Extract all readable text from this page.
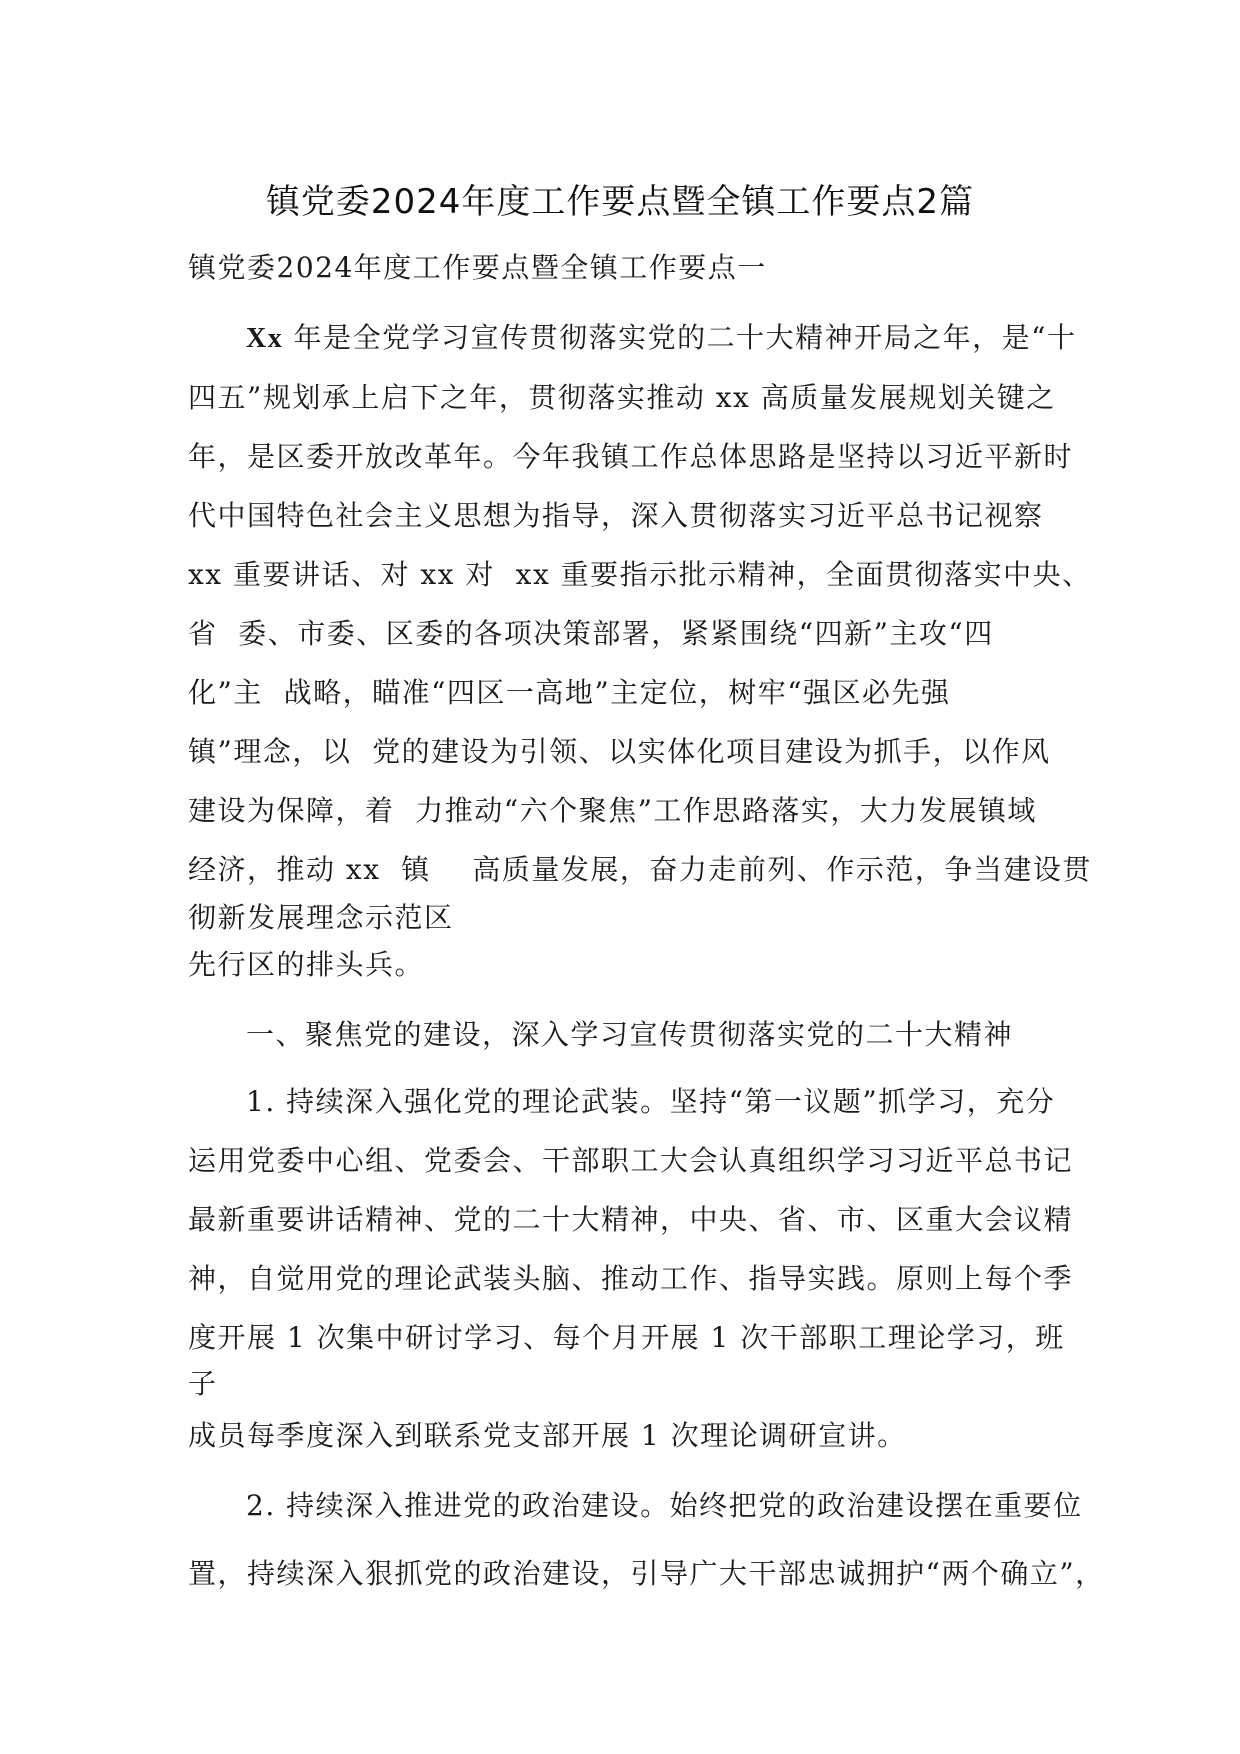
镇党委2024年度工作要点暨全镇工作要点2篇
镇党委2024年度工作要点暨全镇工作要点一
Xx 年是全党学习宣传贯彻落实党的二十大精神开局之年，是“十
四五”规划承上启下之年，贯彻落实推动 xx 高质量发展规划关键之
年，是区委开放改革年。今年我镇工作总体思路是坚持以习近平新时
代中国特色社会主义思想为指导，深入贯彻落实习近平总书记视察
xx 重要讲话、对 xx 对  xx 重要指示批示精神，全面贯彻落实中央、
省  委、市委、区委的各项决策部署，紧紧围绕“四新”主攻“四
化”主  战略，瞄准“四区一高地”主定位，树牢“强区必先强
镇”理念，以  党的建设为引领、以实体化项目建设为抓手，以作风
建设为保障，着  力推动“六个聚焦”工作思路落实，大力发展镇域
经济，推动 xx  镇    高质量发展，奋力走前列、作示范，争当建设贯
彻新发展理念示范区
先行区的排头兵。
一、聚焦党的建设，深入学习宣传贯彻落实党的二十大精神
1. 持续深入强化党的理论武装。坚持“第一议题”抓学习，充分
运用党委中心组、党委会、干部职工大会认真组织学习习近平总书记
最新重要讲话精神、党的二十大精神，中央、省、市、区重大会议精
神，自觉用党的理论武装头脑、推动工作、指导实践。原则上每个季
度开展 1 次集中研讨学习、每个月开展 1 次干部职工理论学习，班
子
成员每季度深入到联系党支部开展 1 次理论调研宣讲。
2. 持续深入推进党的政治建设。始终把党的政治建设摆在重要位
置，持续深入狠抓党的政治建设，引导广大干部忠诚拥护“两个确立”，
